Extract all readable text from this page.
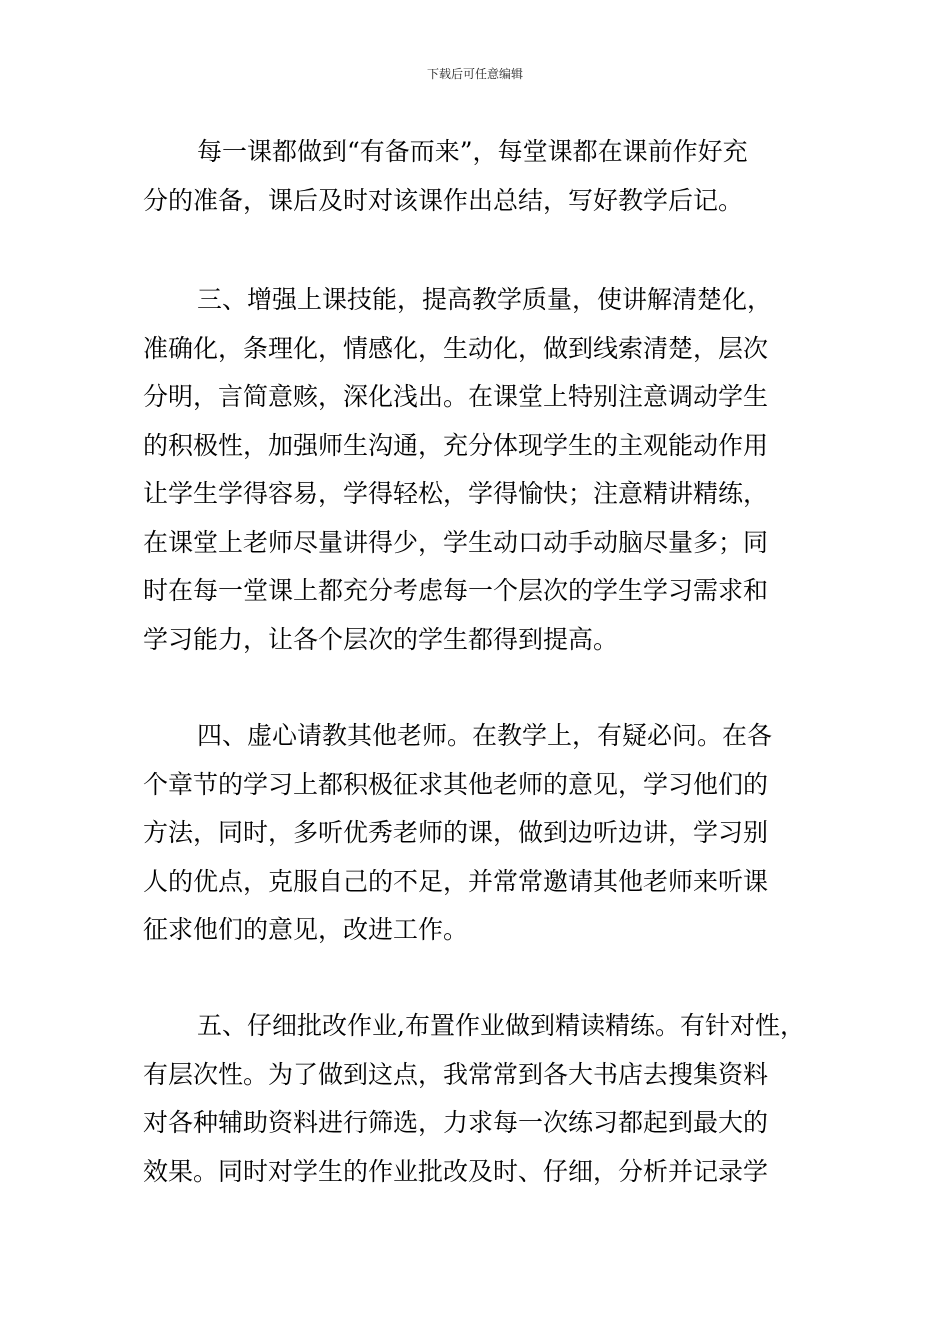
下载后可任意编辑
每一课都做到“有备而来”，每堂课都在课前作好充
分的准备，课后及时对该课作出总结，写好教学后记。
三、增强上课技能，提高教学质量，使讲解清楚化，
准确化，条理化，情感化，生动化，做到线索清楚，层次
分明，言简意赅，深化浅出。在课堂上特别注意调动学生
的积极性，加强师生沟通，充分体现学生的主观能动作用
让学生学得容易，学得轻松，学得愉快；注意精讲精练，
在课堂上老师尽量讲得少，学生动口动手动脑尽量多；同
时在每一堂课上都充分考虑每一个层次的学生学习需求和
学习能力，让各个层次的学生都得到提高。
四、虚心请教其他老师。在教学上，有疑必问。在各
个章节的学习上都积极征求其他老师的意见，学习他们的
方法，同时，多听优秀老师的课，做到边听边讲，学习别
人的优点，克服自己的不足，并常常邀请其他老师来听课
征求他们的意见，改进工作。
五、仔细批改作业,布置作业做到精读精练。有针对性，
有层次性。为了做到这点，我常常到各大书店去搜集资料
对各种辅助资料进行筛选，力求每一次练习都起到最大的
效果。同时对学生的作业批改及时、仔细，分析并记录学
